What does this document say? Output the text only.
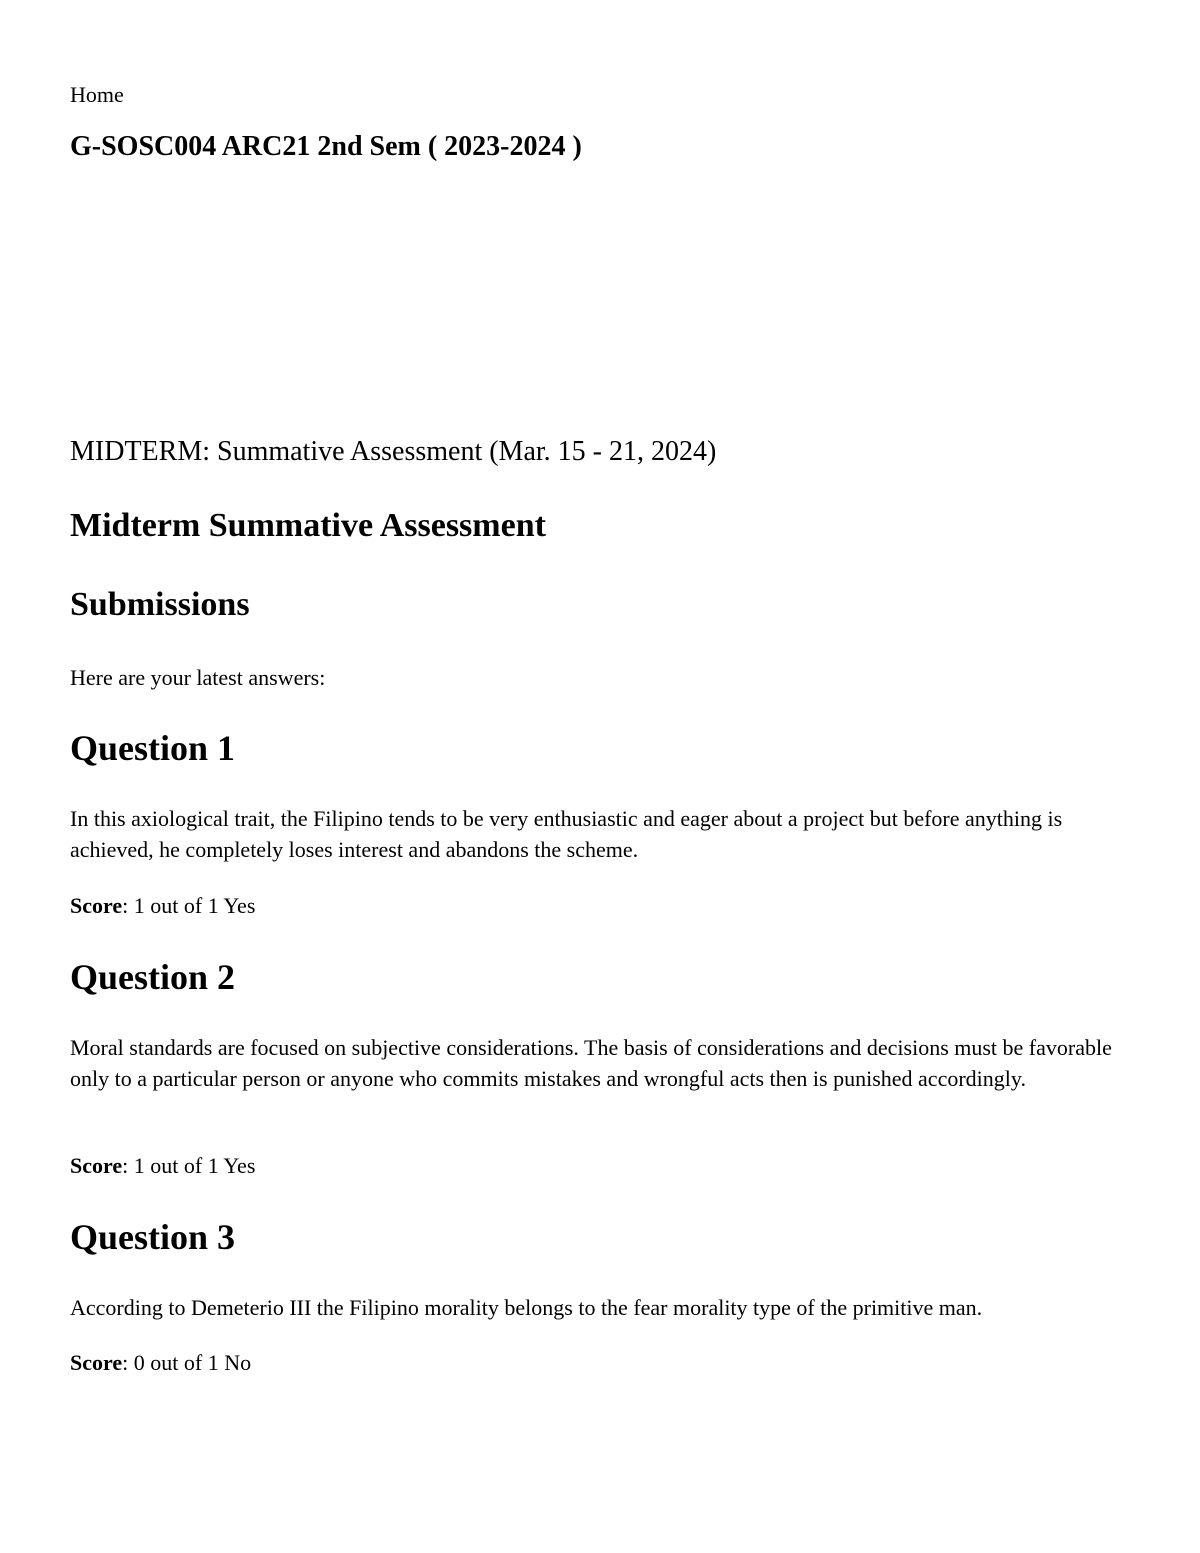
Home
G-SOSC004 ARC21 2nd Sem ( 2023-2024 )
MIDTERM: Summative Assessment (Mar. 15 - 21, 2024)
Midterm Summative Assessment
Submissions

Here are your latest answers:

Question 1

In this axiological trait, the Filipino tends to be very enthusiastic and eager about a project but before anything is achieved, he completely loses interest and abandons the scheme.

Score: 1 out of 1 Yes

Question 2

Moral standards are focused on subjective considerations. The basis of considerations and decisions must be favorable only to a particular person or anyone who commits mistakes and wrongful acts then is punished accordingly.

Score: 1 out of 1 Yes

Question 3

According to Demeterio III the Filipino morality belongs to the fear morality type of the primitive man.

Score: 0 out of 1 No
